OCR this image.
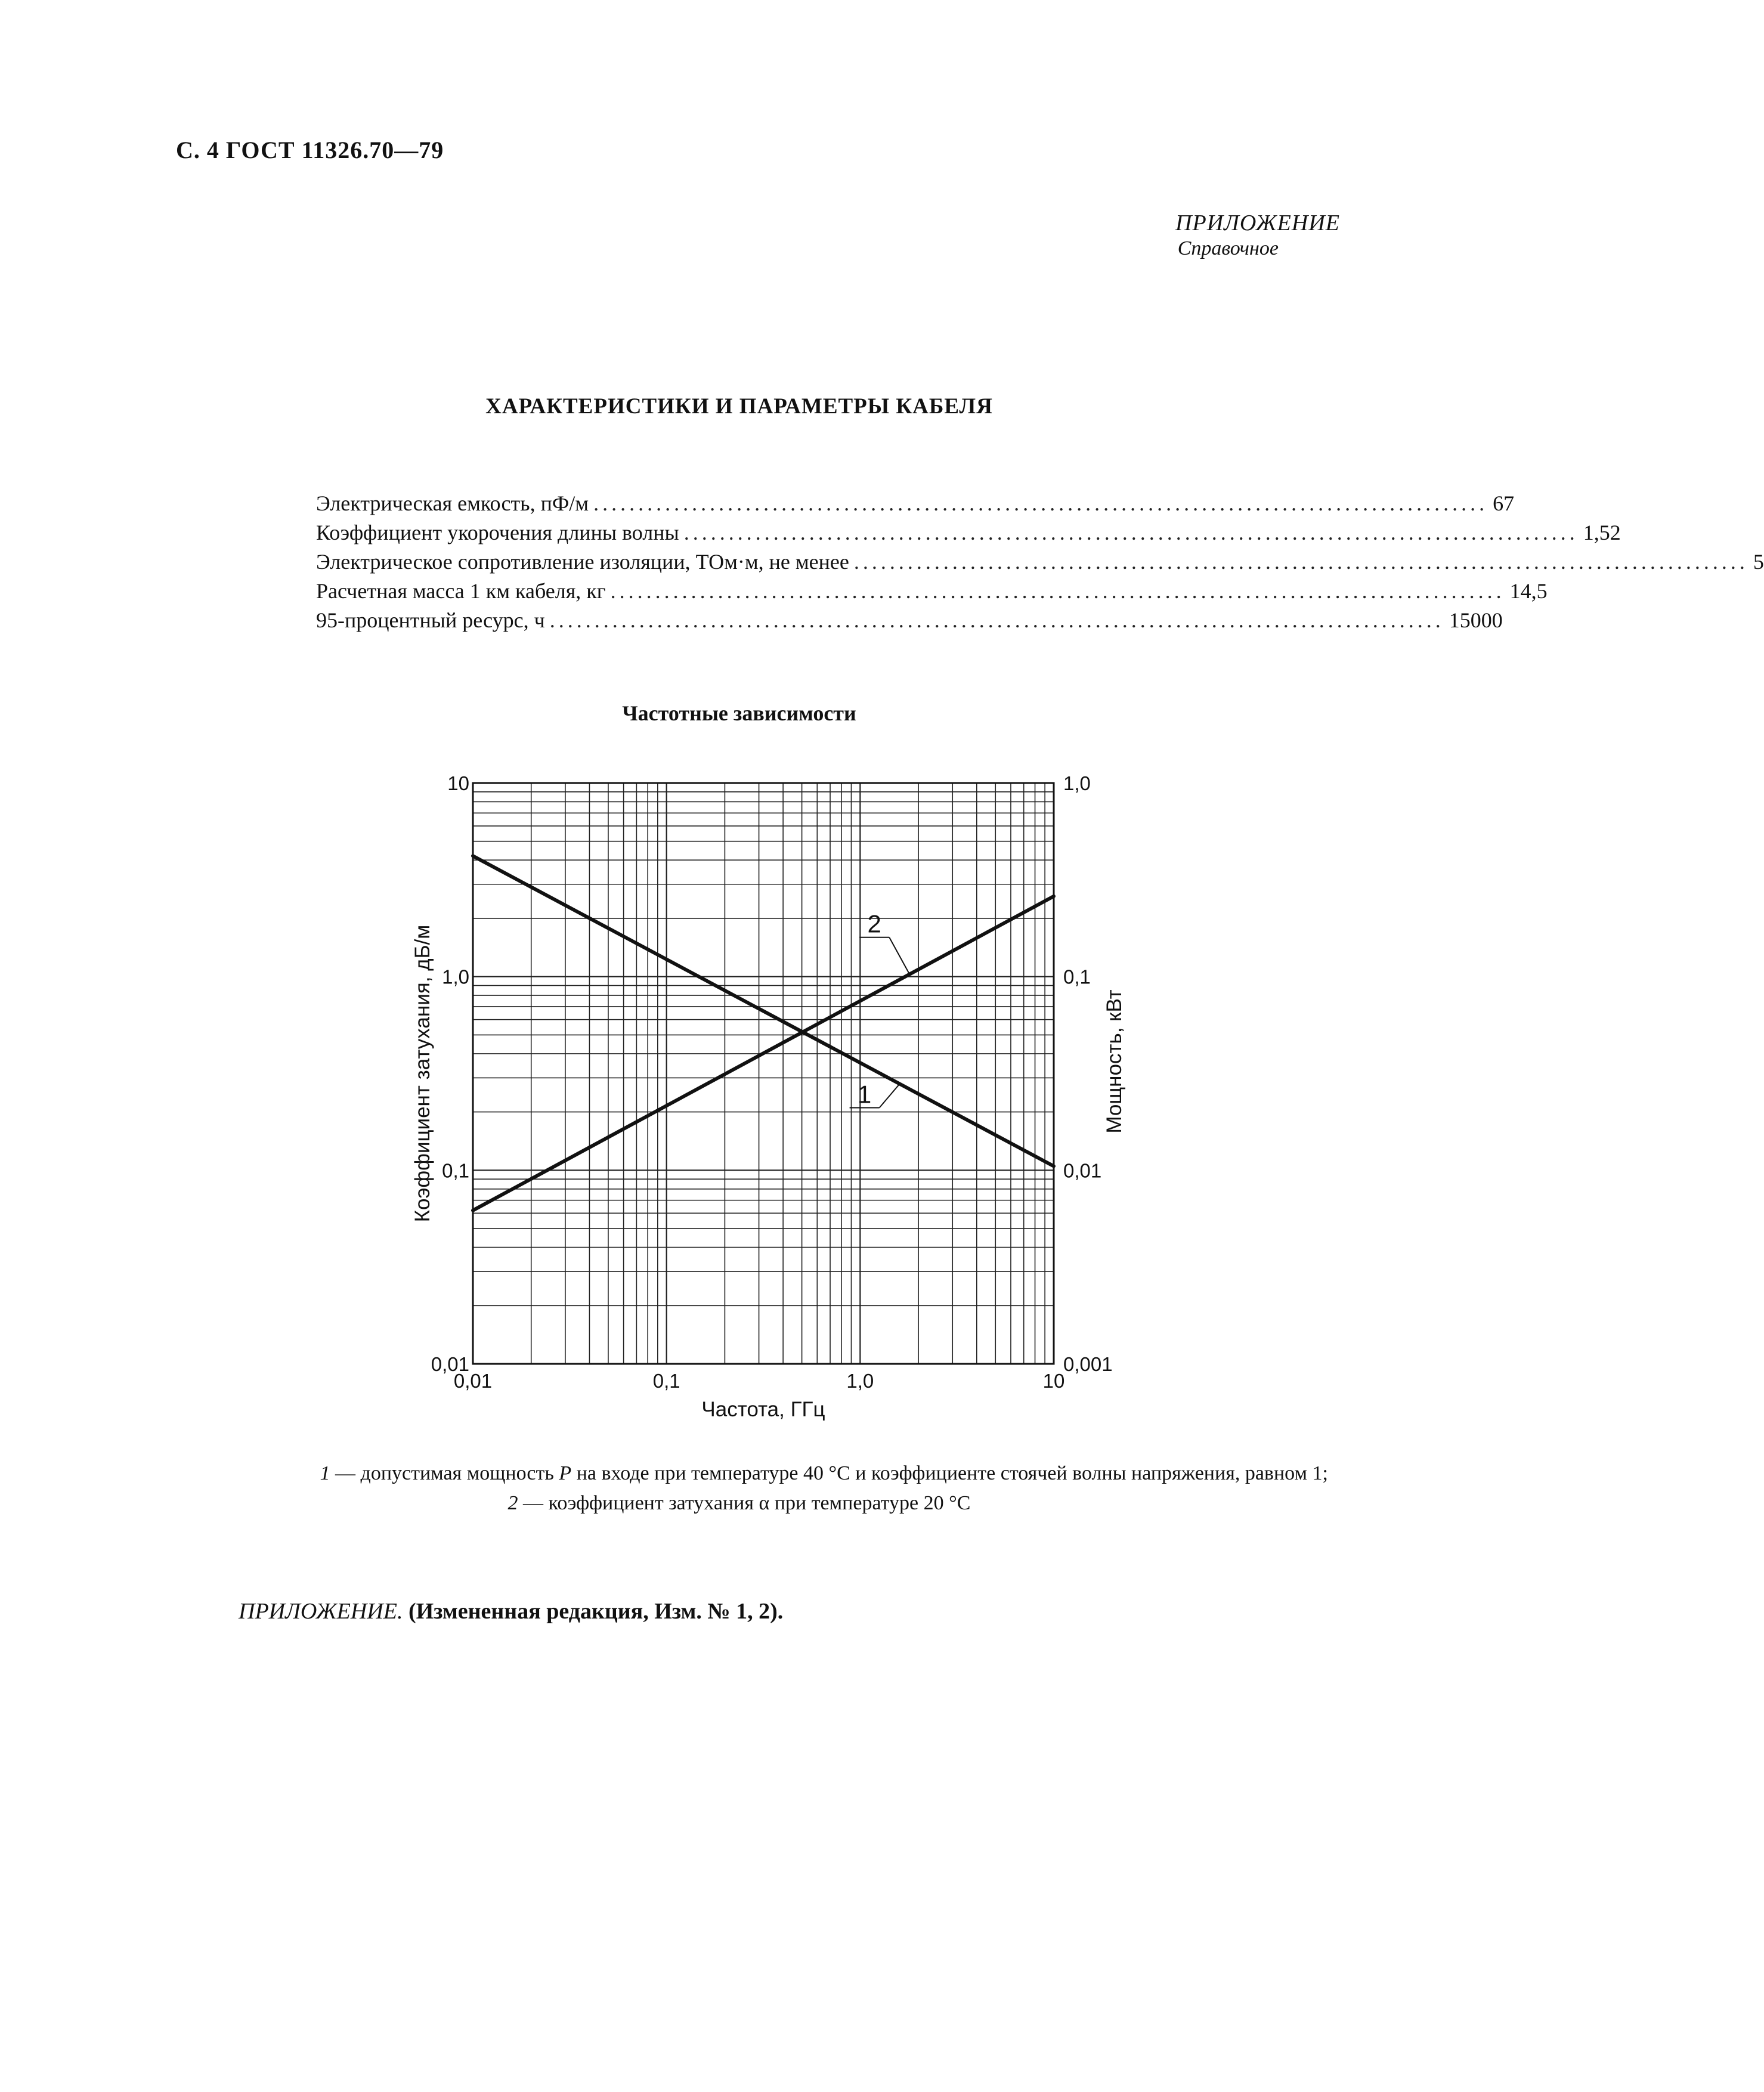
С. 4 ГОСТ 11326.70—79
ПРИЛОЖЕНИЕ
Справочное
ХАРАКТЕРИСТИКИ И ПАРАМЕТРЫ КАБЕЛЯ
Электрическая емкость, пФ/м .................................................................................................... 67
Коэффициент укорочения длины волны .................................................................................................... 1,52
Электрическое сопротивление изоляции, ТОм·м, не менее .................................................................................................... 5
Расчетная масса 1 км кабеля, кг .................................................................................................... 14,5
95-процентный ресурс, ч .................................................................................................... 15000
Частотные зависимости
0,01	0,1	1,0	10
0,01
0,1
1,0
10
0,001
0,01
0,1
1,0
Частота, ГГц
Коэффициент затухания, дБ/м	Мощность, кВт
2
1
1 — допустимая мощность P на входе при температуре 40 °C и коэффициенте стоячей волны напряжения, равном 1;
2 — коэффициент затухания α при температуре 20 °C
ПРИЛОЖЕНИЕ. (Измененная редакция, Изм. № 1, 2).
